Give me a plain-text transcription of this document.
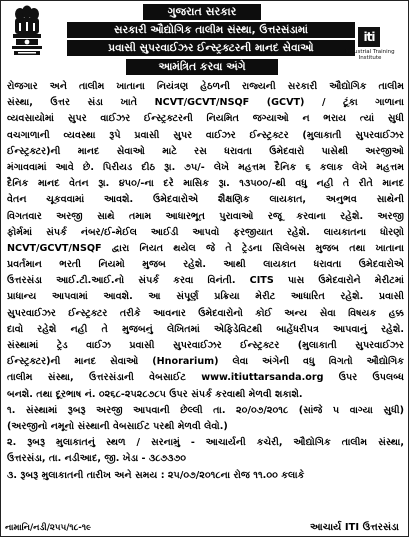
ગુજરાત સરકાર
સરકારી ઔદ્યોગિક તાલીમ સંસ્થા, ઉત્તરસંડામાં
પ્રવાસી સુપરવાઈઝર ઈન્સ્ટ્રક્ટરની માનદ સેવાઓ
આમંત્રિત કરવા અંગે
iti
Industrial Training Institute
રોજગાર અને તાલીમ ખાતાના નિયંત્રણ હેઠળની રાજ્યની સરકારી ઔદ્યોગિક તાલીમ
સંસ્થા, ઉત્તર સંડા ખાતે NCVT/GCVT/NSQF (GCVT) / ટૂંકા ગાળાના
વ્યવસાયોમાં સુપર વાઈઝર ઈન્સ્ટ્રક્ટરની નિયમિત જગ્યાઓ ન ભરાય ત્યાં સુધી
વચગાળાની વ્યવસ્થા રૂપે પ્રવાસી સુપર વાઈઝર ઈન્સ્ટ્રક્ટર (મુલાકાતી સુપરવાઈઝર
ઈન્સ્ટ્રક્ટર)ની માનદ સેવાઓ માટે રસ ધરાવતા ઉમેદવારો પાસેથી અરજીઓ
મંગાવવામાં આવે છે. પિરીયડ દીઠ રૂા. ૭૫/- લેખે મહત્તમ દૈનિક ૬ કલાક લેખે મહત્તમ
દૈનિક માનદ વેતન રૂા. ૪૫૦/-ના દરે માસિક રૂા. ૧૩૫૦૦/-થી વધુ નહી તે રીતે માનદ
વેતન ચૂકવવામાં આવશે. ઉમેદવારોએ શૈક્ષણિક લાયકાત, અનુભવ સાથેની
વિગતવાર અરજી સાથે તમામ આધારભૂત પુરાવાઓ રજૂ કરવાના રહેશે. અરજી
ફોર્મમાં સંપર્ક નંબર/ઈ-મેઈલ આઈડી આપવો ફરજીયાત રહેશે. લાયકાતના ધોરણો
NCVT/GCVT/NSQF દ્વારા નિયત થયેલ જે તે ટ્રેડના સિલેબસ મુજબ તથા ખાતાના
પ્રવર્તમાન ભરતી નિયમો મુજબ રહેશે. આથી લાયકાત ધરાવતા ઉમેદવારોએ
ઉત્તરસંડા આઈ.ટી.આઈ.નો સંપર્ક કરવા વિનંતી. CITS પાસ ઉમેદવારોને મેરીટમાં
પ્રાધાન્ય આપવામાં આવશે. આ સંપૂર્ણ પ્રક્રિયા મેરીટ આધારિત રહેશે. પ્રવાસી
સુપરવાઈઝર ઈન્સ્ટ્રક્ટર તરીકે આવનાર ઉમેદવારોનો કોઈ અન્ય સેવા વિષયક હક્ક
દાવો રહેશે નહી તે મુજબનું લેખિતમાં એફિડેવિટથી બાહેંધરીપત્ર આપવાનું રહેશે.
સંસ્થામાં ટ્રેડ વાઈઝ પ્રવાસી સુપરવાઈઝર ઈન્સ્ટ્રક્ટર (મુલાકાતી સુપરવાઈઝર
ઈન્સ્ટ્રક્ટર)ની માનદ સેવાઓ (Hnorarium) લેવા અંગેની વધુ વિગતો ઔદ્યોગિક
તાલીમ સંસ્થા, ઉત્તરસંડાની વેબસાઈટ www.itiuttarsanda.org ઉપર ઉપલબ્ધ
બનશે. તથા દૂરભાષ નં. ૦૨૬૮-૨૫૨૮૭૮૫ ઉપર સંપર્ક કરવાથી મેળવી શકાશે.
૧. સંસ્થામાં રૂબરૂ અરજી આપવાની છેલ્લી તા. ૨૦/૦૭/૨૦૧૮ (સાંજે ૫ વાગ્યા સુધી)
(અરજીનો નમૂનો સંસ્થાની વેબસાઈટ પરથી મેળવી લેવો.)
૨. રૂબરૂ મુલાકાતનું સ્થળ / સરનામું - આચાર્યની કચેરી, ઔદ્યોગિક તાલીમ સંસ્થા,
ઉત્તરસંડા, તા. નડીઆદ, જી. ખેડા - ૩૮૭૩૭૦
૩. રૂબરૂ મુલાકાતની તારીખ અને સમય : ૨૫/૦૭/૨૦૧૮ના રોજ ૧૧.૦૦ કલાકે
નામાનિ/નડી/૨૫૫/૧૮-૧૯	આચાર્ય ITI ઉત્તરસંડા
